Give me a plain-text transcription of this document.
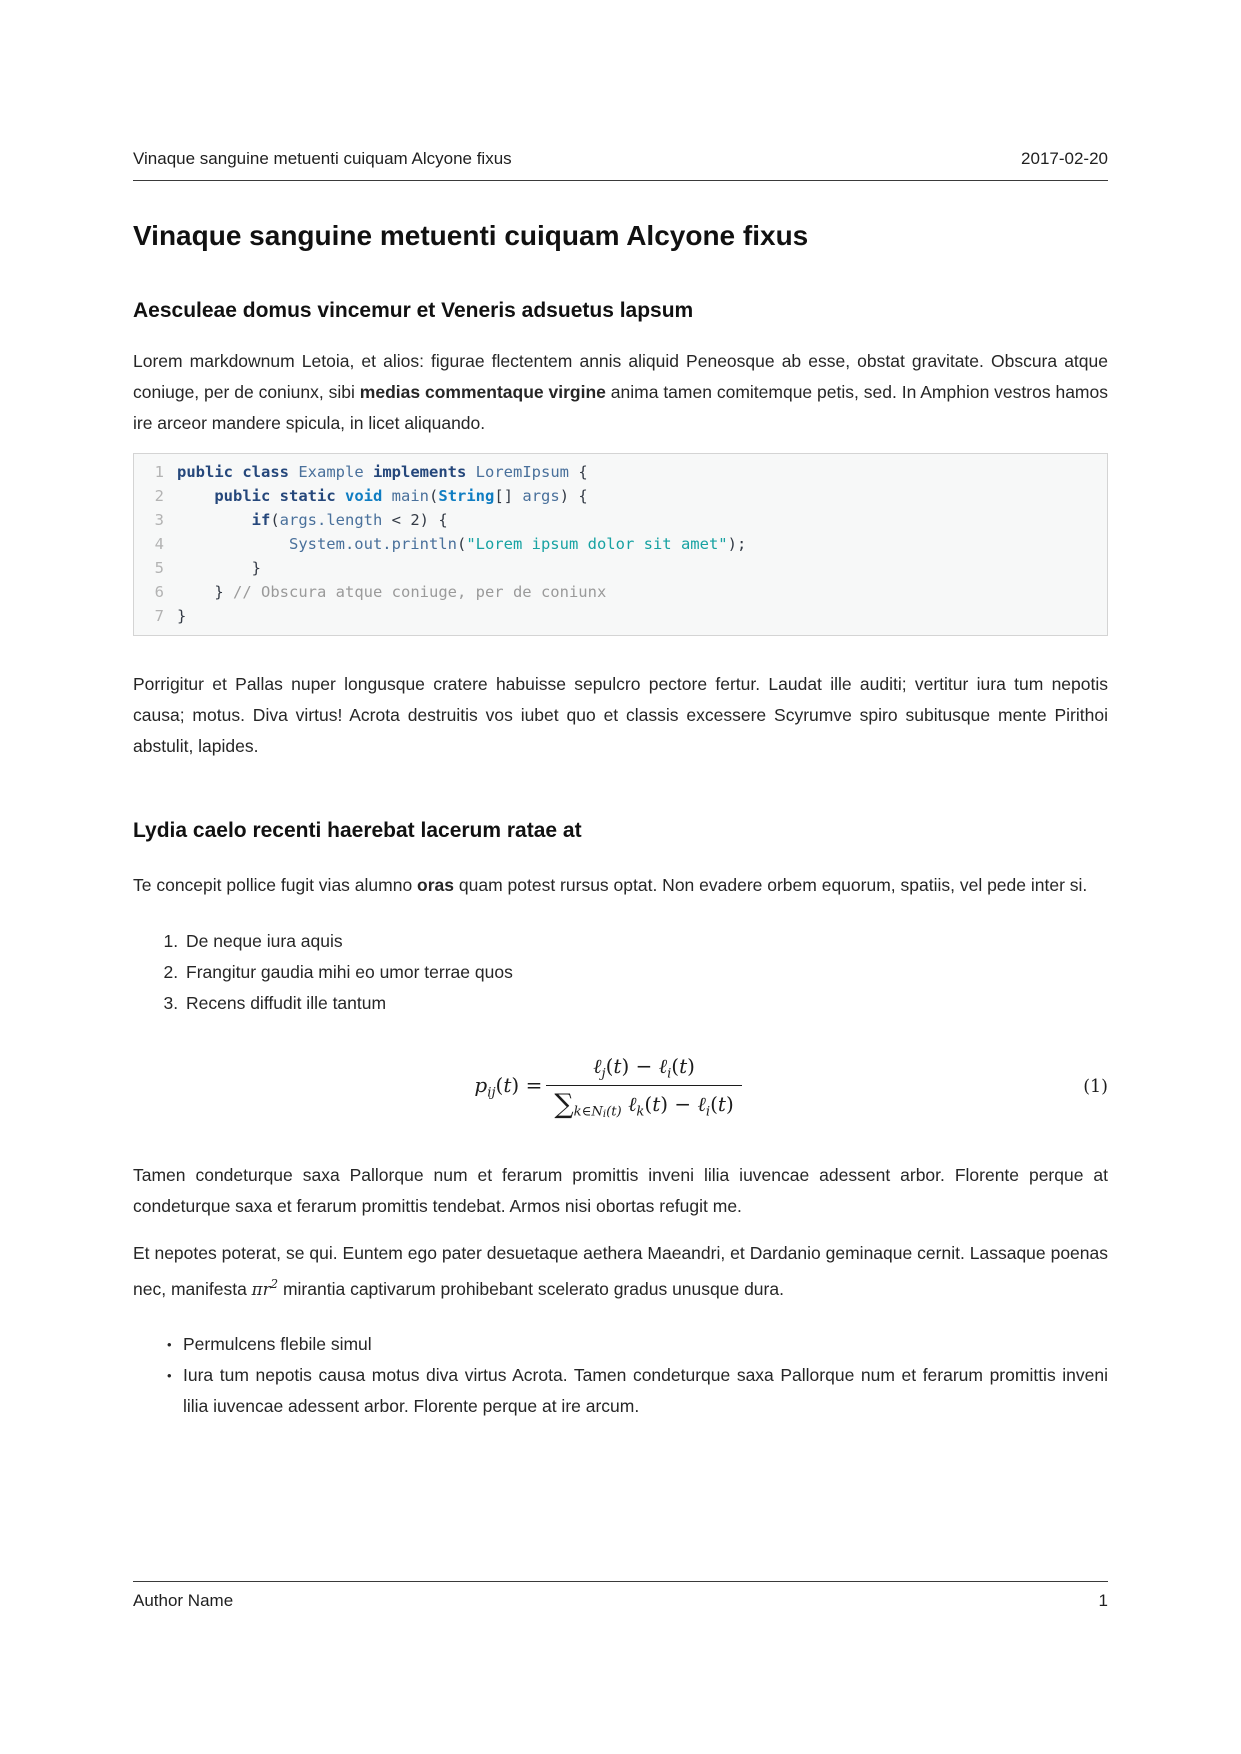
Vinaque sanguine metuenti cuiquam Alcyone fixus	2017-02-20
Vinaque sanguine metuenti cuiquam Alcyone fixus
Aesculeae domus vincemur et Veneris adsuetus lapsum

Lorem markdownum Letoia, et alios: figurae flectentem annis aliquid Peneosque ab esse, obstat gravitate. Obscura atque coniuge, per de coniunx, sibi medias commentaque virgine anima tamen comitemque petis, sed. In Amphion vestros hamos ire arceor mandere spicula, in licet aliquando.

1 public class Example implements LoremIpsum {
2	public static void main(String[] args) {
3	if(args.length < 2) {
4	System.out.println("Lorem ipsum dolor sit amet");
5	}
6	} // Obscura atque coniuge, per de coniunx
7 }

Porrigitur et Pallas nuper longusque cratere habuisse sepulcro pectore fertur. Laudat ille auditi; vertitur iura tum nepotis causa; motus. Diva virtus! Acrota destruitis vos iubet quo et classis excessere Scyrumve spiro subitusque mente Pirithoi abstulit, lapides.

Lydia caelo recenti haerebat lacerum ratae at

Te concepit pollice fugit vias alumno oras quam potest rursus optat. Non evadere orbem equorum, spatiis, vel pede inter si.

1. De neque iura aquis
2. Frangitur gaudia mihi eo umor terrae quos
3. Recens diffudit ille tantum
$p_{ij}(t) = \frac{\ell_j(t) - \ell_i(t)}{\sum_{k\in Ni(t)} \ell_k(t) - \ell_i(t)}$	(1)

Tamen condeturque saxa Pallorque num et ferarum promittis inveni lilia iuvencae adessent arbor. Florente perque at condeturque saxa et ferarum promittis tendebat. Armos nisi obortas refugit me.

Et nepotes poterat, se qui. Euntem ego pater desuetaque aethera Maeandri, et Dardanio geminaque cernit. Lassaque poenas nec, manifesta $\pi r^2$ mirantia captivarum prohibebant scelerato gradus unusque dura.

• Permulcens flebile simul
• Iura tum nepotis causa motus diva virtus Acrota. Tamen condeturque saxa Pallorque num et ferarum promittis inveni lilia iuvencae adessent arbor. Florente perque at ire arcum.
Author Name	1
